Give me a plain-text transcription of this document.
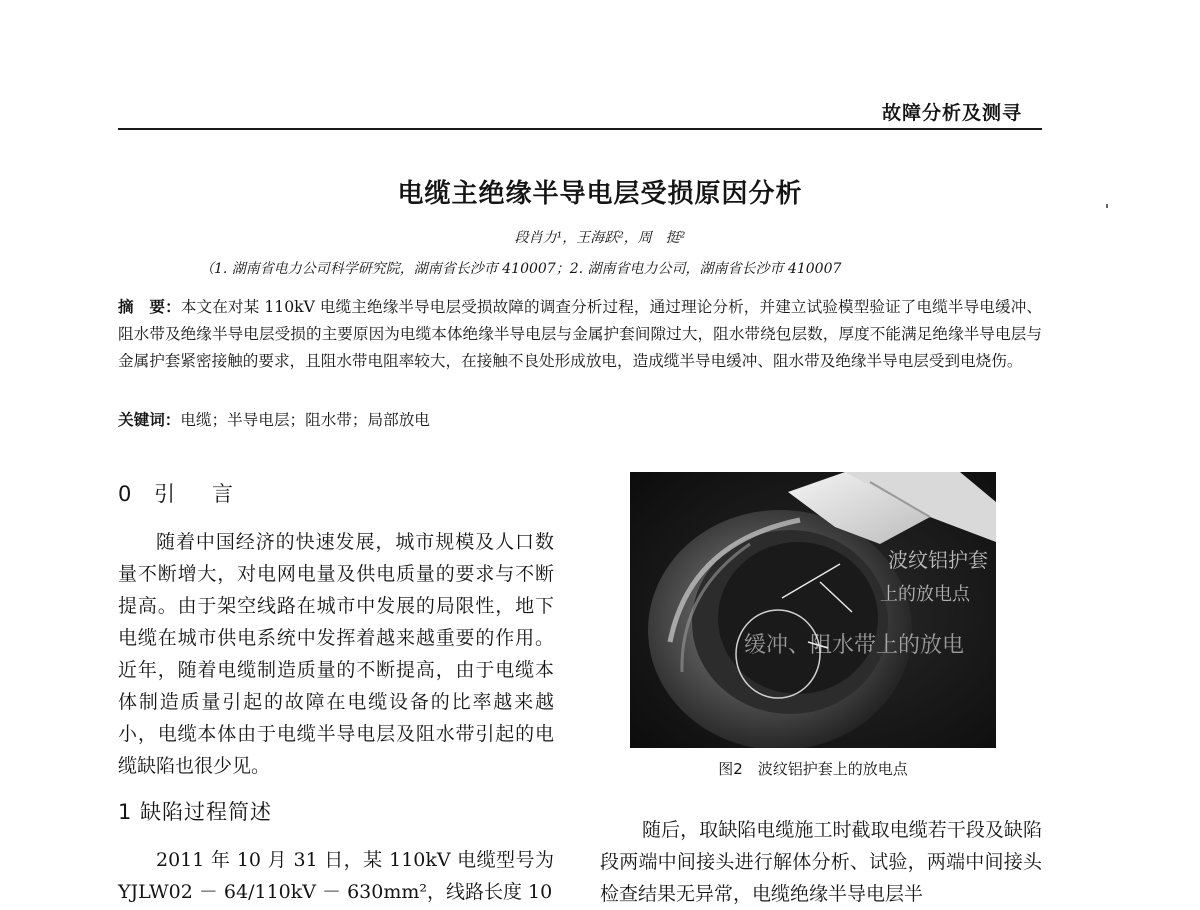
故障分析及测寻
电缆主绝缘半导电层受损原因分析
段肖力¹，王海跃²，周　挺²
（1. 湖南省电力公司科学研究院，湖南省长沙市 410007；2. 湖南省电力公司，湖南省长沙市 410007

摘　要：本文在对某 110kV 电缆主绝缘半导电层受损故障的调查分析过程，通过理论分析，并建立试验模型验证了电缆半导电缓冲、阻水带及绝缘半导电层受损的主要原因为电缆本体绝缘半导电层与金属护套间隙过大，阻水带绕包层数，厚度不能满足绝缘半导电层与金属护套紧密接触的要求，且阻水带电阻率较大，在接触不良处形成放电，造成缆半导电缓冲、阻水带及绝缘半导电层受到电烧伤。

关键词：电缆；半导电层；阻水带；局部放电
0 引　言

随着中国经济的快速发展，城市规模及人口数量不断增大，对电网电量及供电质量的要求与不断提高。由于架空线路在城市中发展的局限性，地下电缆在城市供电系统中发挥着越来越重要的作用。近年，随着电缆制造质量的不断提高，由于电缆本体制造质量引起的故障在电缆设备的比率越来越小，电缆本体由于电缆半导电层及阻水带引起的电缆缺陷也很少见。

1 缺陷过程简述

2011 年 10 月 31 日，某 110kV 电缆型号为 YJLW02 － 64/110kV － 630mm²，线路长度 10

波纹铝护套
上的放电点
缓冲、阻水带上的放电
图2　波纹铝护套上的放电点

随后，取缺陷电缆施工时截取电缆若干段及缺陷段两端中间接头进行解体分析、试验，两端中间接头检查结果无异常，电缆绝缘半导电层半
